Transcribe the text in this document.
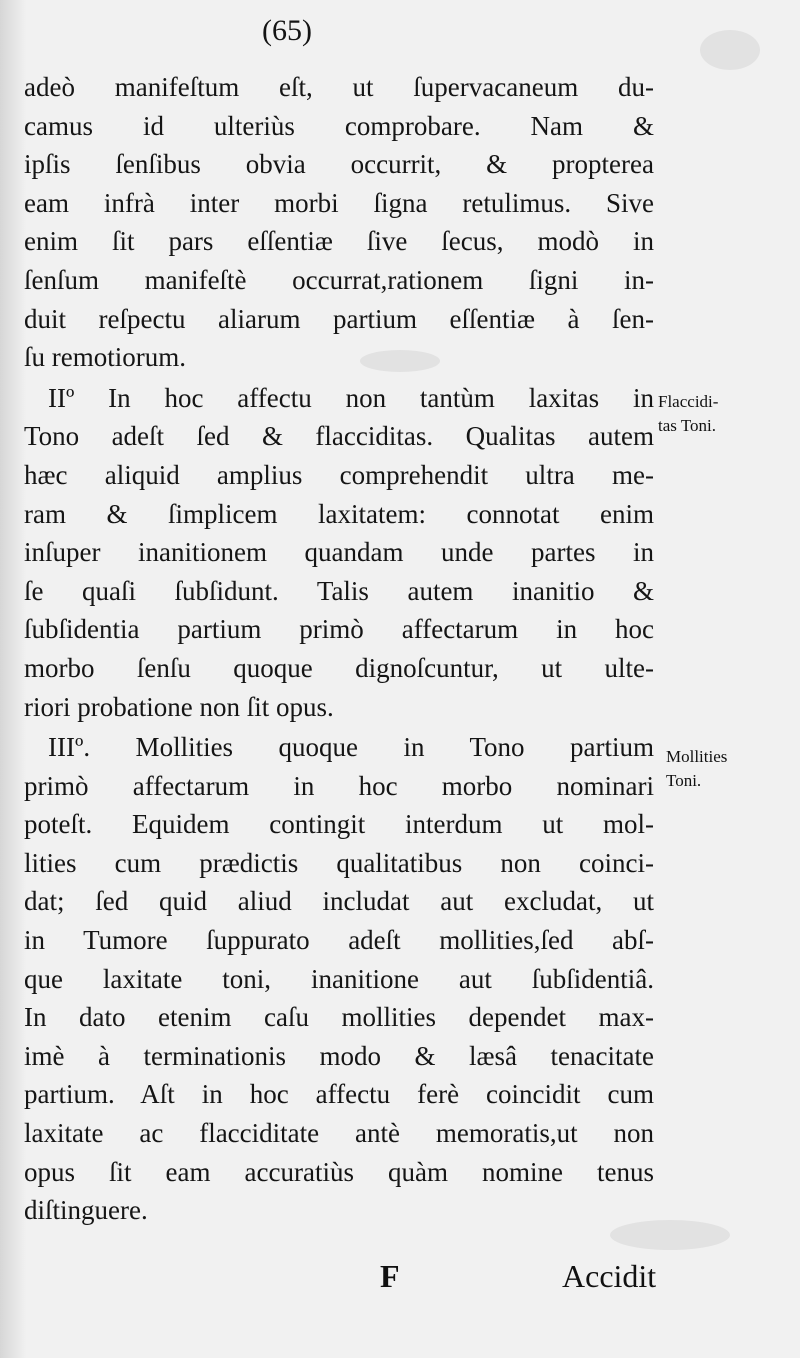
(65)
adeò manifeſtum eſt, ut ſupervacaneum du-
camus id ulteriùs comprobare. Nam &
ipſis ſenſibus obvia occurrit, & propterea
eam infrà inter morbi ſigna retulimus. Sive
enim ſit pars eſſentiæ ſive ſecus, modò in
ſenſum manifeſtè occurrat,rationem ſigni in-
duit reſpectu aliarum partium eſſentiæ à ſen-
ſu remotiorum.
IIº In hoc affectu non tantùm laxitas in
Tono adeſt ſed & flacciditas. Qualitas autem
hæc aliquid amplius comprehendit ultra me-
ram & ſimplicem laxitatem: connotat enim
inſuper inanitionem quandam unde partes in
ſe quaſi ſubſidunt. Talis autem inanitio &
ſubſidentia partium primò affectarum in hoc
morbo ſenſu quoque dignoſcuntur, ut ulte-
riori probatione non ſit opus.
IIIº. Mollities quoque in Tono partium
primò affectarum in hoc morbo nominari
poteſt. Equidem contingit interdum ut mol-
lities cum prædictis qualitatibus non coinci-
dat; ſed quid aliud includat aut excludat, ut
in Tumore ſuppurato adeſt mollities,ſed abſ-
que laxitate toni, inanitione aut ſubſidentiâ.
In dato etenim caſu mollities dependet max-
imè à terminationis modo & læsâ tenacitate
partium. Aſt in hoc affectu ferè coincidit cum
laxitate ac flacciditate antè memoratis,ut non
opus ſit eam accuratiùs quàm nomine tenus
diſtinguere.
Flaccidi-
tas Toni.
Mollities
Toni.
F	Accidit
